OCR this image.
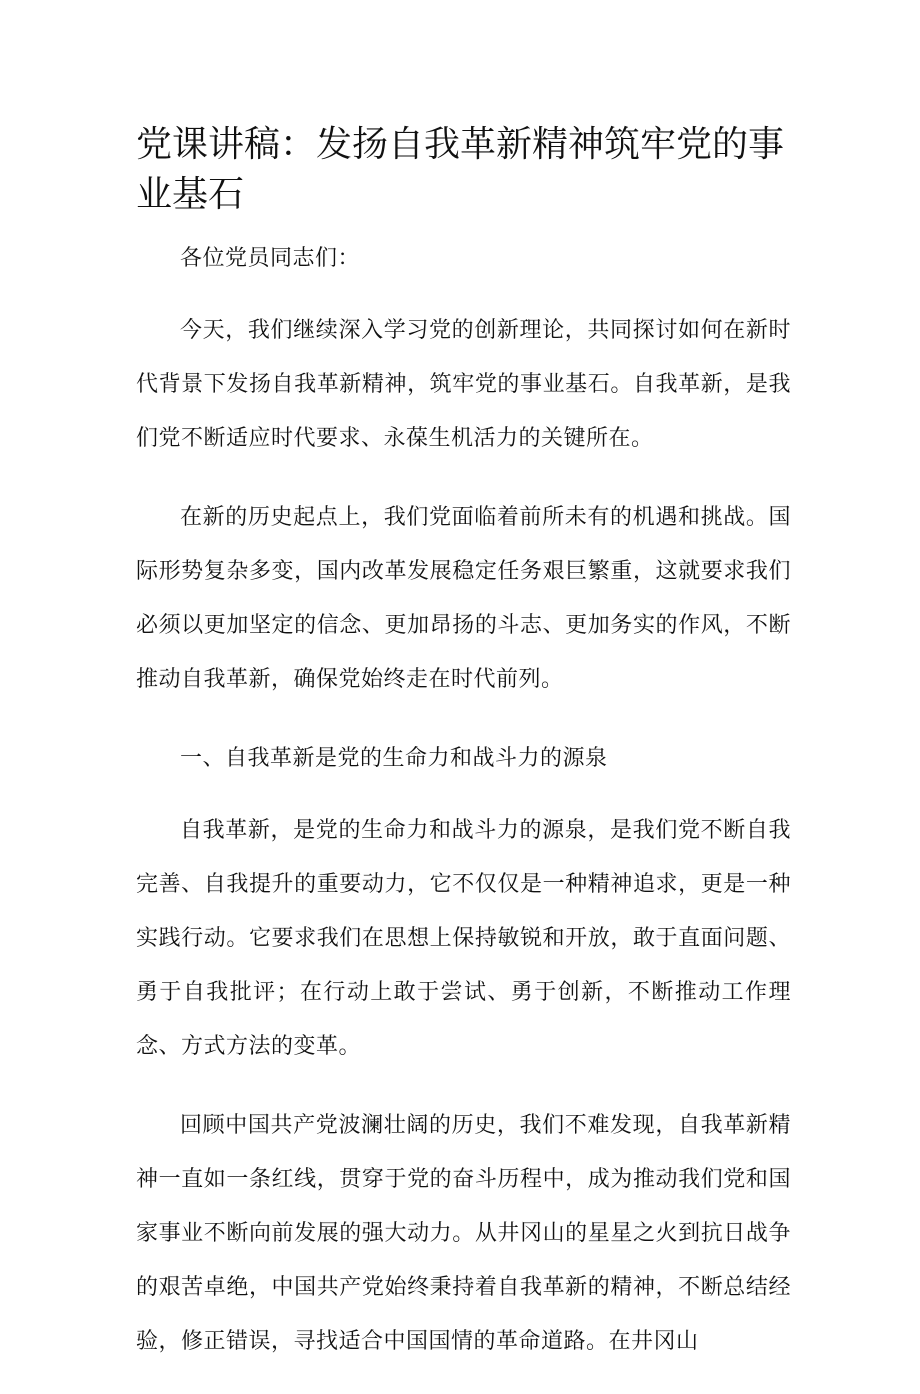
党课讲稿：发扬自我革新精神筑牢党的事业基石

各位党员同志们：

今天，我们继续深入学习党的创新理论，共同探讨如何在新时代背景下发扬自我革新精神，筑牢党的事业基石。自我革新，是我们党不断适应时代要求、永葆生机活力的关键所在。

在新的历史起点上，我们党面临着前所未有的机遇和挑战。国际形势复杂多变，国内改革发展稳定任务艰巨繁重，这就要求我们必须以更加坚定的信念、更加昂扬的斗志、更加务实的作风，不断推动自我革新，确保党始终走在时代前列。

一、自我革新是党的生命力和战斗力的源泉

自我革新，是党的生命力和战斗力的源泉，是我们党不断自我完善、自我提升的重要动力，它不仅仅是一种精神追求，更是一种实践行动。它要求我们在思想上保持敏锐和开放，敢于直面问题、勇于自我批评；在行动上敢于尝试、勇于创新，不断推动工作理念、方式方法的变革。

回顾中国共产党波澜壮阔的历史，我们不难发现，自我革新精神一直如一条红线，贯穿于党的奋斗历程中，成为推动我们党和国家事业不断向前发展的强大动力。从井冈山的星星之火到抗日战争的艰苦卓绝，中国共产党始终秉持着自我革新的精神，不断总结经验，修正错误，寻找适合中国国情的革命道路。在井冈山
